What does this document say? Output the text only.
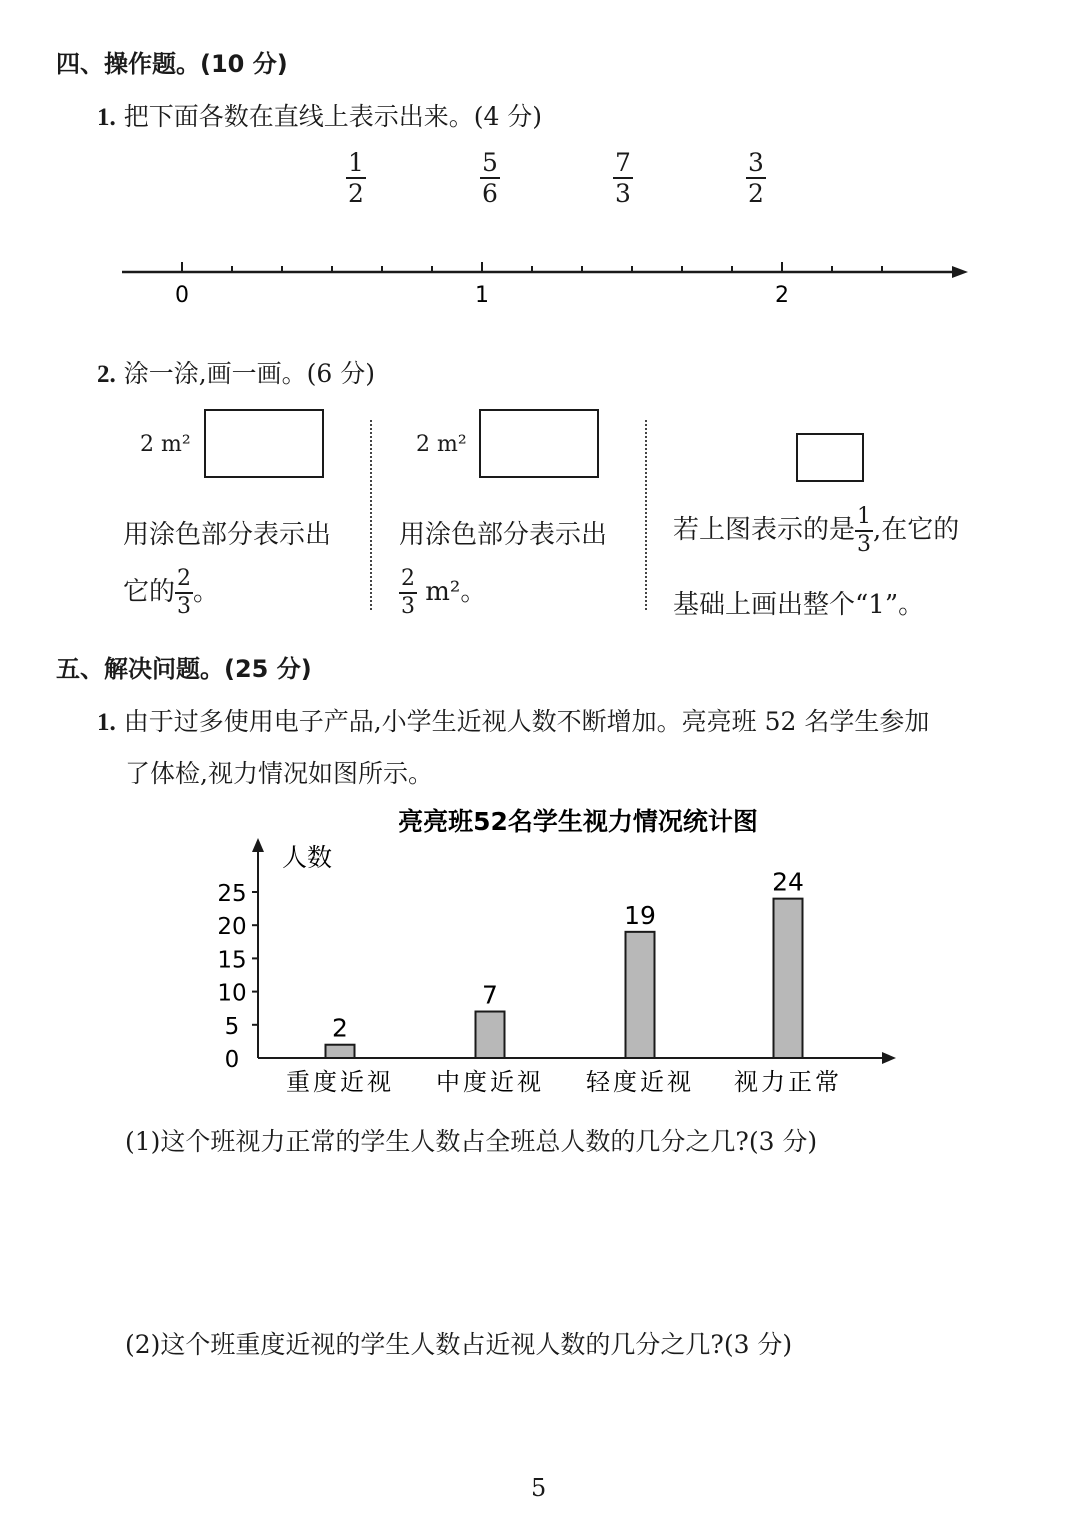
四、操作题。(10 分)
1. 把下面各数在直线上表示出来。(4 分)
$\frac{1}{2}$	$\frac{5}{6}$	$\frac{7}{3}$	$\frac{3}{2}$
0	1	2
2. 涂一涂,画一画。(6 分)
2 m²
用涂色部分表示出
它的 $\frac{2}{3}$ 。
2 m²
用涂色部分表示出
$\frac{2}{3} m^2$。
若上图表示的是 $\frac{1}{3}$ ,在它的
基础上画出整个“1”。
五、解决问题。(25 分)
1. 由于过多使用电子产品,小学生近视人数不断增加。亮亮班 52 名学生参加
了体检,视力情况如图所示。
亮亮班52名学生视力情况统计图
人数
0
5
10
15
20
25
2
重度近视
7
中度近视
19
轻度近视
24
视力正常
(1)这个班视力正常的学生人数占全班总人数的几分之几?(3 分)
(2)这个班重度近视的学生人数占近视人数的几分之几?(3 分)
5
